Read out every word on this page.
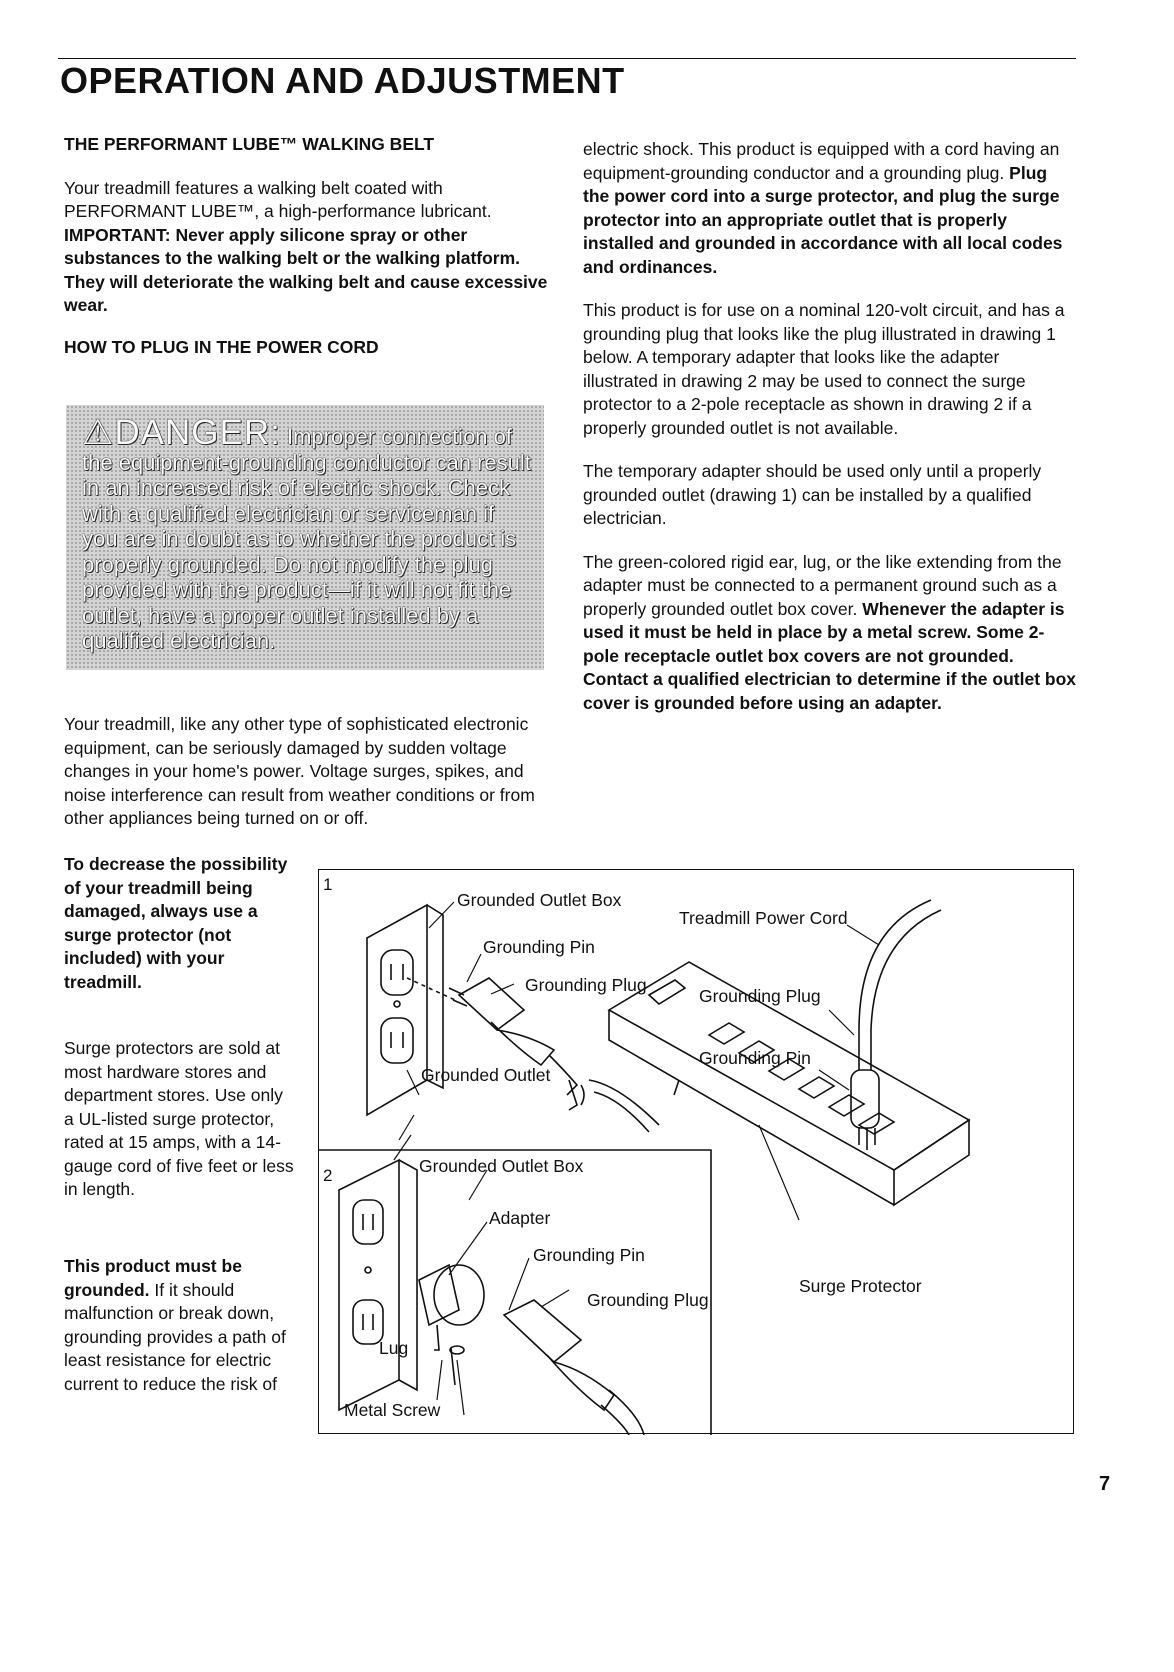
OPERATION AND ADJUSTMENT
THE PERFORMANT LUBE™ WALKING BELT

Your treadmill features a walking belt coated with PERFORMANT LUBE™, a high-performance lubricant. IMPORTANT: Never apply silicone spray or other substances to the walking belt or the walking platform. They will deteriorate the walking belt and cause excessive wear.

HOW TO PLUG IN THE POWER CORD

⚠DANGER: Improper connection of the equipment-grounding conductor can result in an increased risk of electric shock. Check with a qualified electrician or serviceman if you are in doubt as to whether the product is properly grounded. Do not modify the plug provided with the product—if it will not fit the outlet, have a proper outlet installed by a qualified electrician.

Your treadmill, like any other type of sophisticated electronic equipment, can be seriously damaged by sudden voltage changes in your home's power. Voltage surges, spikes, and noise interference can result from weather conditions or from other appliances being turned on or off.

To decrease the possibility of your treadmill being damaged, always use a surge protector (not included) with your treadmill.

Surge protectors are sold at most hardware stores and department stores. Use only a UL-listed surge protector, rated at 15 amps, with a 14-gauge cord of five feet or less in length.

This product must be grounded. If it should malfunction or break down, grounding provides a path of least resistance for electric current to reduce the risk of

electric shock. This product is equipped with a cord having an equipment-grounding conductor and a grounding plug. Plug the power cord into a surge protector, and plug the surge protector into an appropriate outlet that is properly installed and grounded in accordance with all local codes and ordinances.

This product is for use on a nominal 120-volt circuit, and has a grounding plug that looks like the plug illustrated in drawing 1 below. A temporary adapter that looks like the adapter illustrated in drawing 2 may be used to connect the surge protector to a 2-pole receptacle as shown in drawing 2 if a properly grounded outlet is not available.

The temporary adapter should be used only until a properly grounded outlet (drawing 1) can be installed by a qualified electrician.

The green-colored rigid ear, lug, or the like extending from the adapter must be connected to a permanent ground such as a properly grounded outlet box cover. Whenever the adapter is used it must be held in place by a metal screw. Some 2-pole receptacle outlet box covers are not grounded. Contact a qualified electrician to determine if the outlet box cover is grounded before using an adapter.

1
Grounded Outlet Box
Grounding Pin
Grounding Plug
Grounded Outlet
Treadmill Power Cord
Grounding Plug
Grounding Pin
Surge Protector
2	Grounded Outlet Box
Adapter
Grounding Pin
Grounding Plug
Lug
Metal Screw
7
